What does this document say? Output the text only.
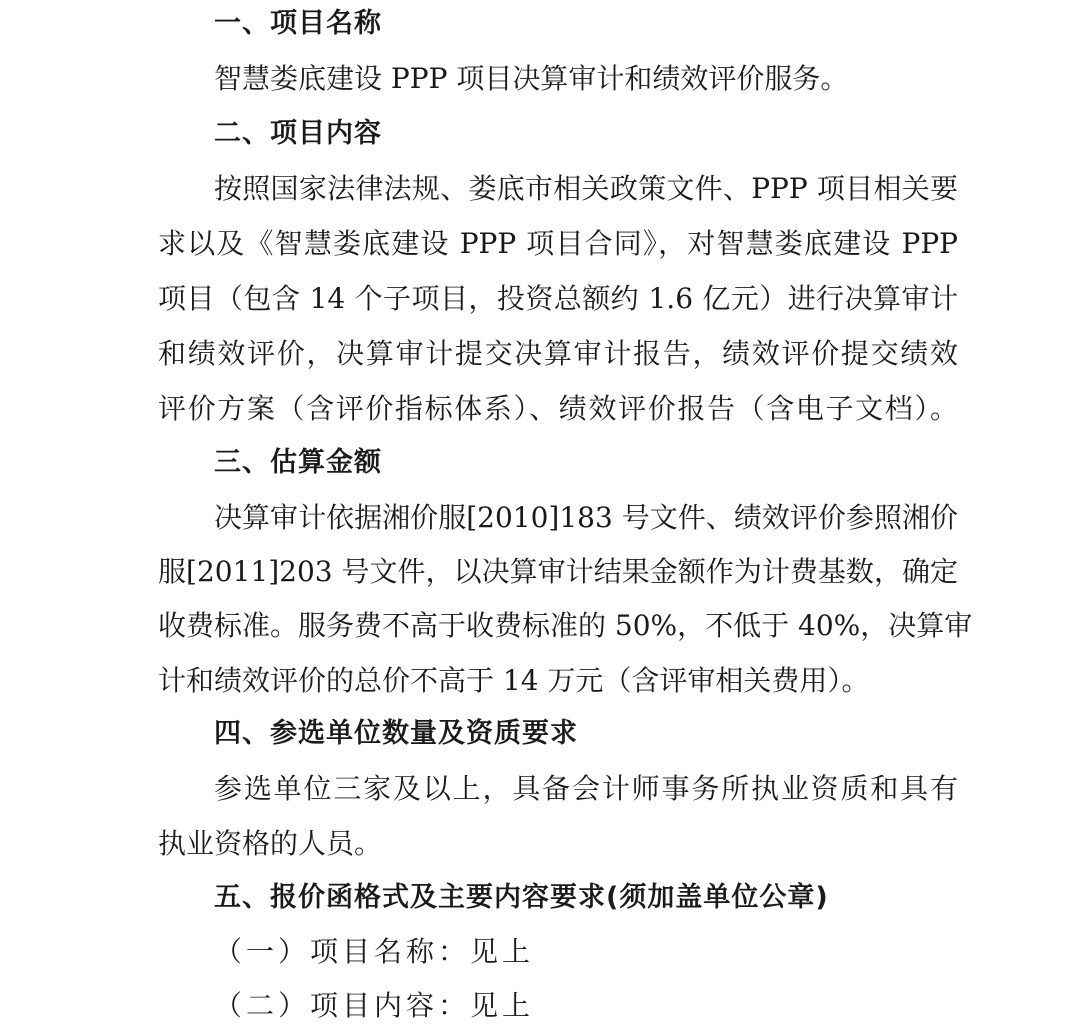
一、项目名称
智慧娄底建设 PPP 项目决算审计和绩效评价服务。
二、项目内容
按照国家法律法规、娄底市相关政策文件、PPP 项目相关要
求以及《智慧娄底建设 PPP 项目合同》，对智慧娄底建设 PPP
项目（包含 14 个子项目，投资总额约 1.6 亿元）进行决算审计
和绩效评价，决算审计提交决算审计报告，绩效评价提交绩效
评价方案（含评价指标体系）、绩效评价报告（含电子文档）。
三、估算金额
决算审计依据湘价服[2010]183 号文件、绩效评价参照湘价
服[2011]203 号文件，以决算审计结果金额作为计费基数，确定
收费标准。服务费不高于收费标准的 50%，不低于 40%，决算审
计和绩效评价的总价不高于 14 万元（含评审相关费用）。
四、参选单位数量及资质要求
参选单位三家及以上，具备会计师事务所执业资质和具有
执业资格的人员。
五、报价函格式及主要内容要求(须加盖单位公章)
（一）项目名称：见上
（二）项目内容：见上
